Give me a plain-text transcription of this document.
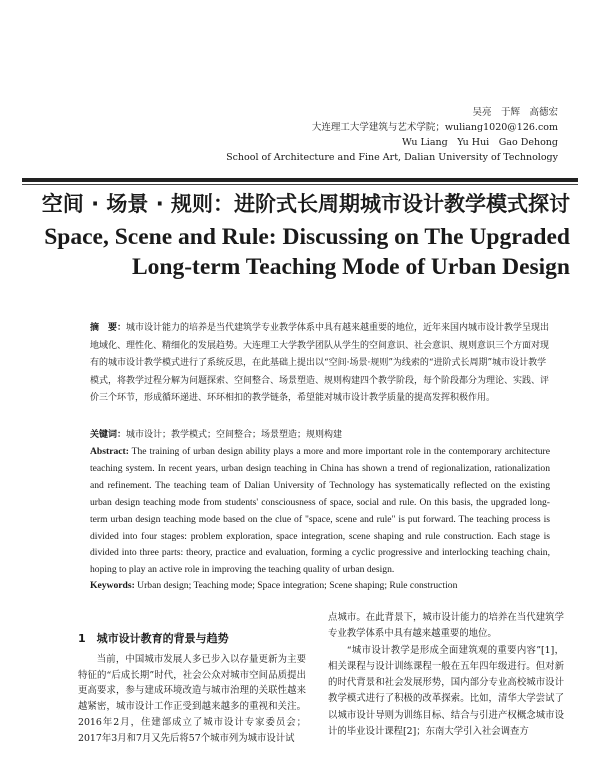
吴亮　于辉　高德宏
大连理工大学建筑与艺术学院；wuliang1020@126.com
Wu Liang　Yu Hui　Gao Dehong
School of Architecture and Fine Art, Dalian University of Technology
空间 · 场景 · 规则：进阶式长周期城市设计教学模式探讨
Space, Scene and Rule: Discussing on The Upgraded
Long-term Teaching Mode of Urban Design
摘　要：城市设计能力的培养是当代建筑学专业教学体系中具有越来越重要的地位，近年来国内城市设计教学呈现出地域化、理性化、精细化的发展趋势。大连理工大学教学团队从学生的空间意识、社会意识、规则意识三个方面对现有的城市设计教学模式进行了系统反思，在此基础上提出以“空间·场景·规则”为线索的“进阶式长周期”城市设计教学模式，将教学过程分解为问题探索、空间整合、场景塑造、规则构建四个教学阶段，每个阶段都分为理论、实践、评价三个环节，形成循环递进、环环相扣的教学链条，希望能对城市设计教学质量的提高发挥积极作用。
关键词：城市设计；教学模式；空间整合；场景塑造；规则构建
Abstract: The training of urban design ability plays a more and more important role in the contemporary architecture teaching system. In recent years, urban design teaching in China has shown a trend of regionalization, rationalization and refinement. The teaching team of Dalian University of Technology has systematically reflected on the existing urban design teaching mode from students' consciousness of space, social and rule. On this basis, the upgraded long-term urban design teaching mode based on the clue of "space, scene and rule" is put forward. The teaching process is divided into four stages: problem exploration, space integration, scene shaping and rule construction. Each stage is divided into three parts: theory, practice and evaluation, forming a cyclic progressive and interlocking teaching chain, hoping to play an active role in improving the teaching quality of urban design.
Keywords: Urban design; Teaching mode; Space integration; Scene shaping; Rule construction
1　城市设计教育的背景与趋势
当前，中国城市发展人多已步入以存量更新为主要特征的“后成长期”时代，社会公众对城市空间品质提出更高要求，参与建成环境改造与城市治理的关联性越来越紧密，城市设计工作正受到越来越多的重视和关注。2016年2月，住建部成立了城市设计专家委员会；2017年3月和7月又先后将57个城市列为城市设计试

点城市。在此背景下，城市设计能力的培养在当代建筑学专业教学体系中具有越来越重要的地位。

“城市设计教学是形成全面建筑观的重要内容”[1]，相关课程与设计训练课程一般在五年四年级进行。但对新的时代背景和社会发展形势，国内部分专业高校城市设计教学模式进行了积极的改革探索。比如，清华大学尝试了以城市设计导则为训练目标、结合与引进产权概念城市设计的毕业设计课程[2]；东南大学引入社会调查方
